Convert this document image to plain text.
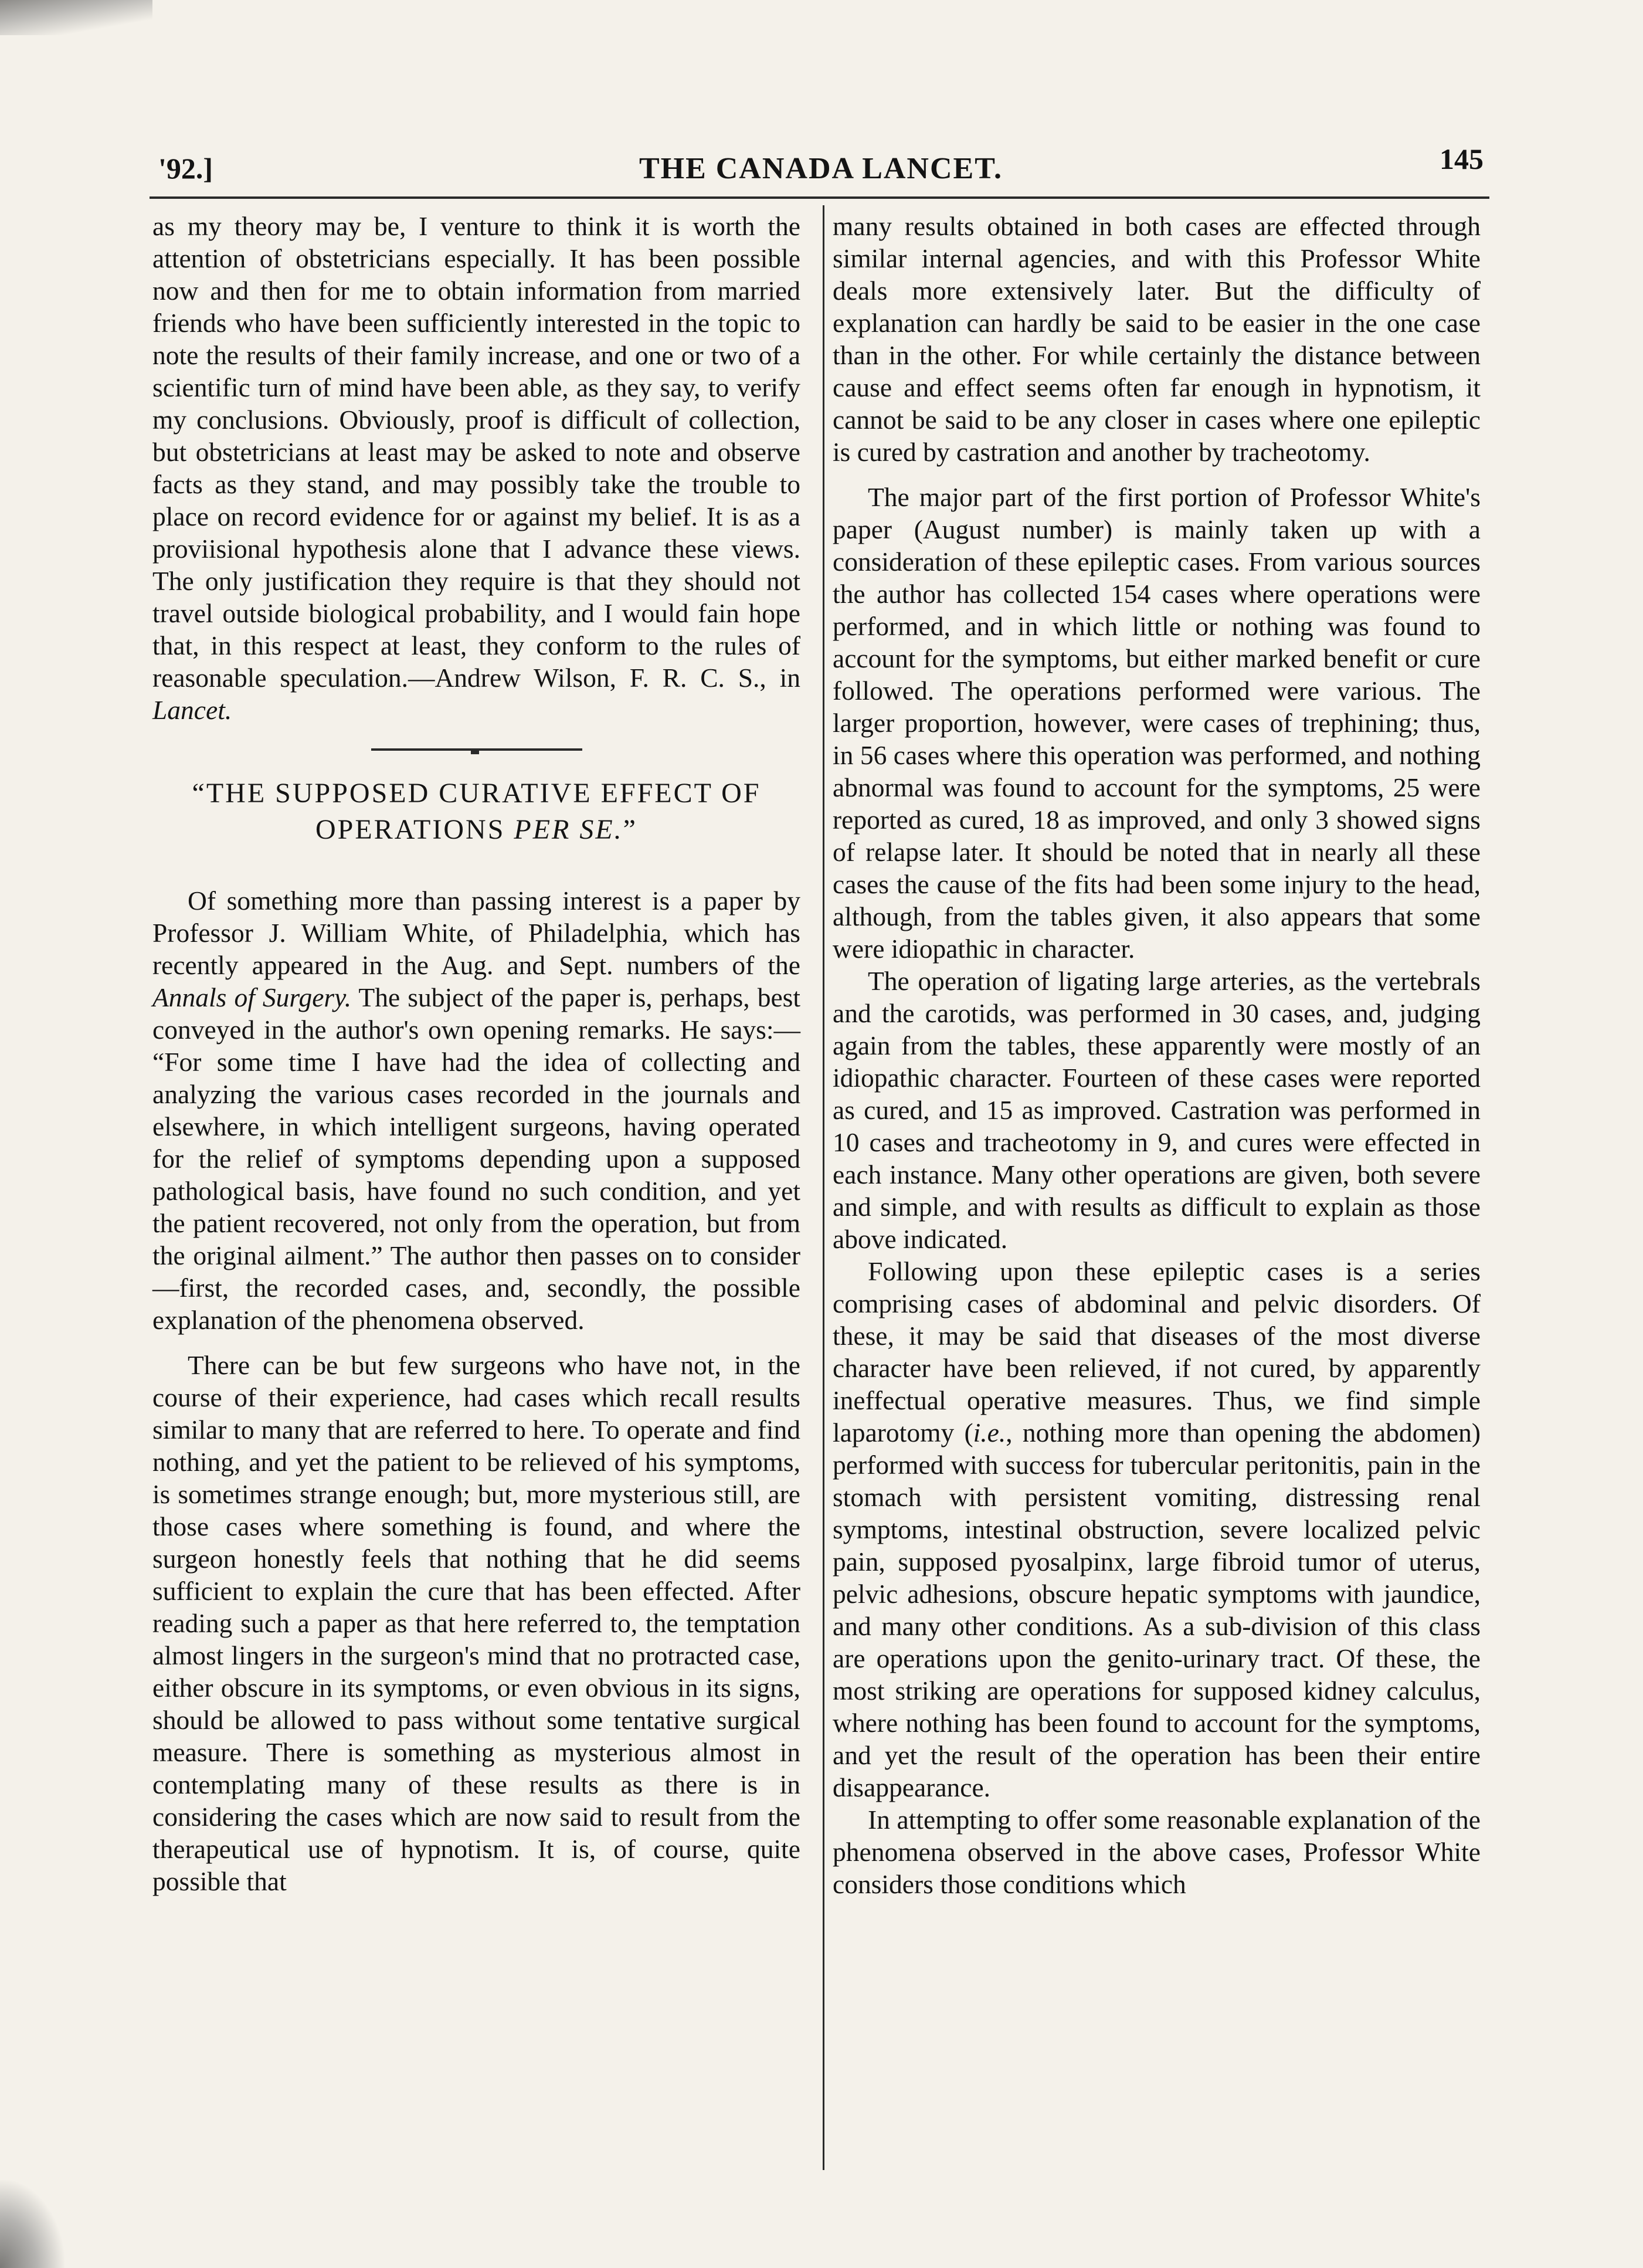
'92.]	THE CANADA LANCET.	145

as my theory may be, I venture to think it is worth the attention of obstetricians especially. It has been possible now and then for me to obtain information from married friends who have been sufficiently interested in the topic to note the results of their family increase, and one or two of a scientific turn of mind have been able, as they say, to verify my conclusions. Obviously, proof is difficult of collection, but obstetricians at least may be asked to note and observe facts as they stand, and may possibly take the trouble to place on record evidence for or against my belief. It is as a proviisional hypothesis alone that I advance these views. The only justification they require is that they should not travel outside biological probability, and I would fain hope that, in this respect at least, they conform to the rules of reasonable speculation.—Andrew Wilson, F. R. C. S., in Lancet.

“THE SUPPOSED CURATIVE EFFECT OF OPERATIONS PER SE.”

Of something more than passing interest is a paper by Professor J. William White, of Philadelphia, which has recently appeared in the Aug. and Sept. numbers of the Annals of Surgery. The subject of the paper is, perhaps, best conveyed in the author's own opening remarks. He says:— “For some time I have had the idea of collecting and analyzing the various cases recorded in the journals and elsewhere, in which intelligent surgeons, having operated for the relief of symptoms depending upon a supposed pathological basis, have found no such condition, and yet the patient recovered, not only from the operation, but from the original ailment.” The author then passes on to consider—first, the recorded cases, and, secondly, the possible explanation of the phenomena observed.

There can be but few surgeons who have not, in the course of their experience, had cases which recall results similar to many that are referred to here. To operate and find nothing, and yet the patient to be relieved of his symptoms, is sometimes strange enough; but, more mysterious still, are those cases where something is found, and where the surgeon honestly feels that nothing that he did seems sufficient to explain the cure that has been effected. After reading such a paper as that here referred to, the temptation almost lingers in the surgeon's mind that no protracted case, either obscure in its symptoms, or even obvious in its signs, should be allowed to pass without some tentative surgical measure. There is something as mysterious almost in contemplating many of these results as there is in considering the cases which are now said to result from the therapeutical use of hypnotism. It is, of course, quite possible that

many results obtained in both cases are effected through similar internal agencies, and with this Professor White deals more extensively later. But the difficulty of explanation can hardly be said to be easier in the one case than in the other. For while certainly the distance between cause and effect seems often far enough in hypnotism, it cannot be said to be any closer in cases where one epileptic is cured by castration and another by tracheotomy.

The major part of the first portion of Professor White's paper (August number) is mainly taken up with a consideration of these epileptic cases. From various sources the author has collected 154 cases where operations were performed, and in which little or nothing was found to account for the symptoms, but either marked benefit or cure followed. The operations performed were various. The larger proportion, however, were cases of trephining; thus, in 56 cases where this operation was performed, and nothing abnormal was found to account for the symptoms, 25 were reported as cured, 18 as improved, and only 3 showed signs of relapse later. It should be noted that in nearly all these cases the cause of the fits had been some injury to the head, although, from the tables given, it also appears that some were idiopathic in character.

The operation of ligating large arteries, as the vertebrals and the carotids, was performed in 30 cases, and, judging again from the tables, these apparently were mostly of an idiopathic character. Fourteen of these cases were reported as cured, and 15 as improved. Castration was performed in 10 cases and tracheotomy in 9, and cures were effected in each instance. Many other operations are given, both severe and simple, and with results as difficult to explain as those above indicated.

Following upon these epileptic cases is a series comprising cases of abdominal and pelvic disorders. Of these, it may be said that diseases of the most diverse character have been relieved, if not cured, by apparently ineffectual operative measures. Thus, we find simple laparotomy (i.e., nothing more than opening the abdomen) performed with success for tubercular peritonitis, pain in the stomach with persistent vomiting, distressing renal symptoms, intestinal obstruction, severe localized pelvic pain, supposed pyosalpinx, large fibroid tumor of uterus, pelvic adhesions, obscure hepatic symptoms with jaundice, and many other conditions. As a sub-division of this class are operations upon the genito-urinary tract. Of these, the most striking are operations for supposed kidney calculus, where nothing has been found to account for the symptoms, and yet the result of the operation has been their entire disappearance.

In attempting to offer some reasonable explanation of the phenomena observed in the above cases, Professor White considers those conditions which
